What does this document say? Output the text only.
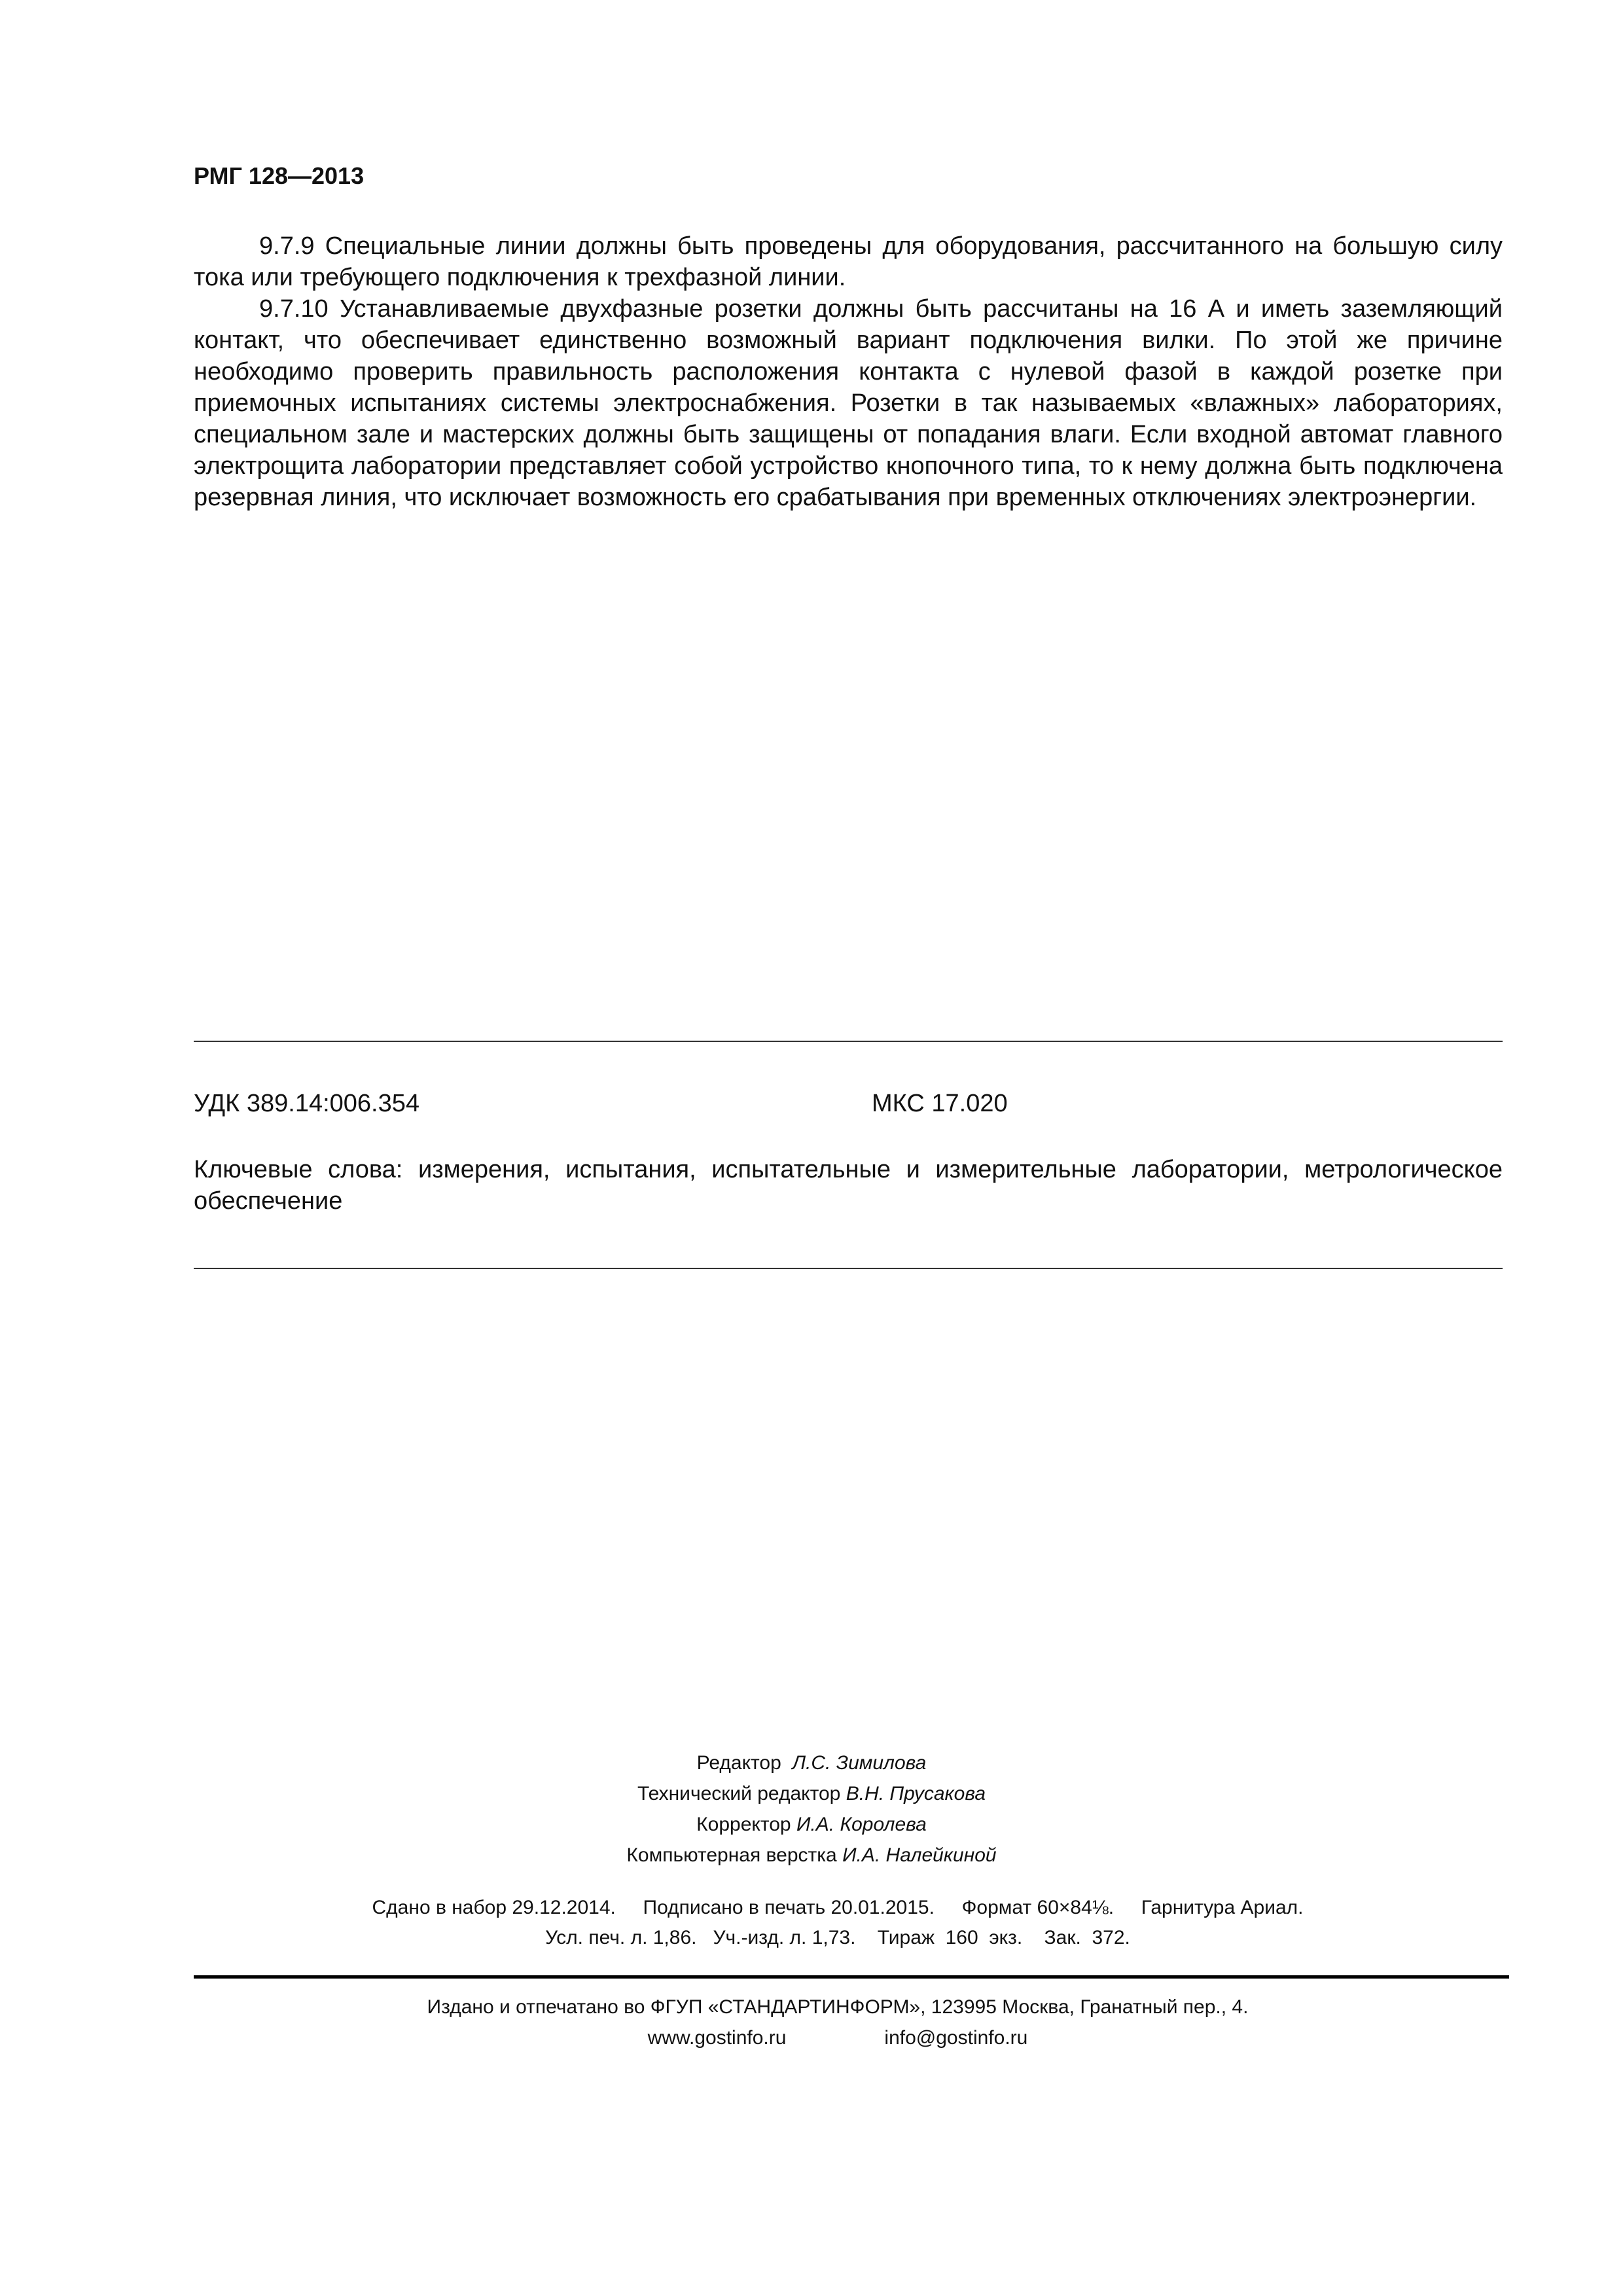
РМГ 128—2013

9.7.9 Специальные линии должны быть проведены для оборудования, рассчитанного на большую силу тока или требующего подключения к трехфазной линии.

9.7.10 Устанавливаемые двухфазные розетки должны быть рассчитаны на 16 А и иметь заземляющий контакт, что обеспечивает единственно возможный вариант подключения вилки. По этой же причине необходимо проверить правильность расположения контакта с нулевой фазой в каждой розетке при приемочных испытаниях системы электроснабжения. Розетки в так называемых «влажных» лабораториях, специальном зале и мастерских должны быть защищены от попадания влаги. Если входной автомат главного электрощита лаборатории представляет собой устройство кнопочного типа, то к нему должна быть подключена резервная линия, что исключает возможность его срабатывания при временных отключениях электроэнергии.

УДК 389.14:006.354	МКС 17.020
Ключевые слова: измерения, испытания, испытательные и измерительные лаборатории, метрологическое обеспечение
Редактор Л.С. Зимилова
Технический редактор В.Н. Прусакова
Корректор И.А. Королева
Компьютерная верстка И.А. Налейкиной
Сдано в набор 29.12.2014.     Подписано в печать 20.01.2015.     Формат 60×84⅛.     Гарнитура Ариал.
Усл. печ. л. 1,86.   Уч.-изд. л. 1,73.    Тираж  160  экз.    Зак.  372.
Издано и отпечатано во ФГУП «СТАНДАРТИНФОРМ», 123995 Москва, Гранатный пер., 4.
www.gostinfo.ru	info@gostinfo.ru
